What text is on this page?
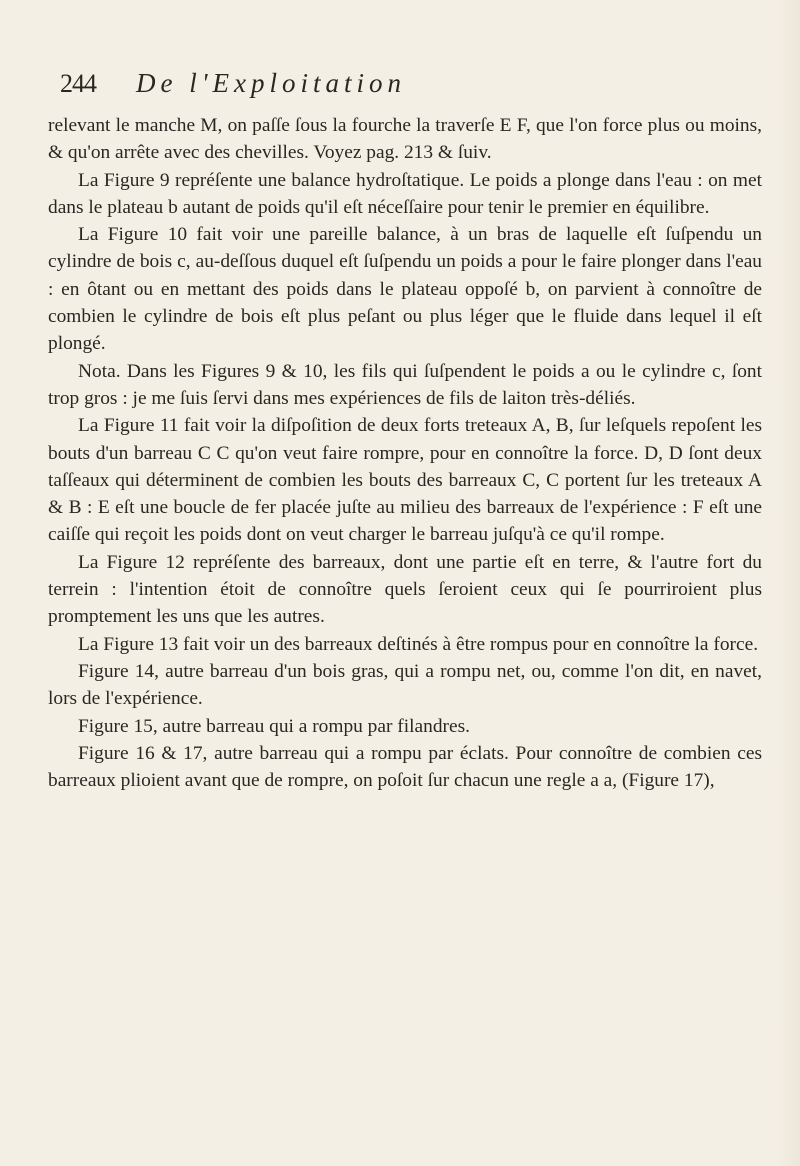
244	De l'Exploitation

relevant le manche M, on paſſe ſous la fourche la traverſe E F, que l'on force plus ou moins, & qu'on arrête avec des chevilles. Voyez pag. 213 & ſuiv.

La Figure 9 repréſente une balance hydroſtatique. Le poids a plonge dans l'eau : on met dans le plateau b autant de poids qu'il eſt néceſſaire pour tenir le premier en équilibre.

La Figure 10 fait voir une pareille balance, à un bras de laquelle eſt ſuſpendu un cylindre de bois c, au-deſſous duquel eſt ſuſpendu un poids a pour le faire plonger dans l'eau : en ôtant ou en mettant des poids dans le plateau oppoſé b, on parvient à connoître de combien le cylindre de bois eſt plus peſant ou plus léger que le fluide dans lequel il eſt plongé.

Nota. Dans les Figures 9 & 10, les fils qui ſuſpendent le poids a ou le cylindre c, ſont trop gros : je me ſuis ſervi dans mes expériences de fils de laiton très-déliés.

La Figure 11 fait voir la diſpoſition de deux forts treteaux A, B, ſur leſquels repoſent les bouts d'un barreau C C qu'on veut faire rompre, pour en connoître la force. D, D ſont deux taſſeaux qui déterminent de combien les bouts des barreaux C, C portent ſur les treteaux A & B : E eſt une boucle de fer placée juſte au milieu des barreaux de l'expérience : F eſt une caiſſe qui reçoit les poids dont on veut charger le barreau juſqu'à ce qu'il rompe.

La Figure 12 repréſente des barreaux, dont une partie eſt en terre, & l'autre fort du terrein : l'intention étoit de connoître quels ſeroient ceux qui ſe pourriroient plus promptement les uns que les autres.

La Figure 13 fait voir un des barreaux deſtinés à être rompus pour en connoître la force.

Figure 14, autre barreau d'un bois gras, qui a rompu net, ou, comme l'on dit, en navet, lors de l'expérience.

Figure 15, autre barreau qui a rompu par filandres.

Figure 16 & 17, autre barreau qui a rompu par éclats. Pour connoître de combien ces barreaux plioient avant que de rompre, on poſoit ſur chacun une regle a a, (Figure 17),
